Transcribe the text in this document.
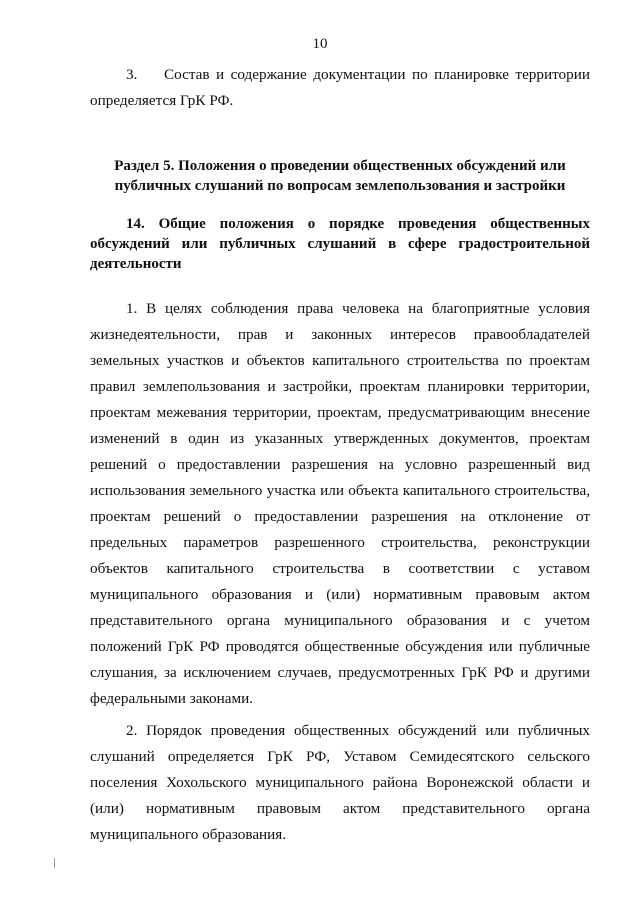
10

3. Состав и содержание документации по планировке территории определяется ГрК РФ.

Раздел 5. Положения о проведении общественных обсуждений или публичных слушаний по вопросам землепользования и застройки
14. Общие положения о порядке проведения общественных обсуждений или публичных слушаний в сфере градостроительной деятельности

1. В целях соблюдения права человека на благоприятные условия жизнедеятельности, прав и законных интересов правообладателей земельных участков и объектов капитального строительства по проектам правил землепользования и застройки, проектам планировки территории, проектам межевания территории, проектам, предусматривающим внесение изменений в один из указанных утвержденных документов, проектам решений о предоставлении разрешения на условно разрешенный вид использования земельного участка или объекта капитального строительства, проектам решений о предоставлении разрешения на отклонение от предельных параметров разрешенного строительства, реконструкции объектов капитального строительства в соответствии с уставом муниципального образования и (или) нормативным правовым актом представительного органа муниципального образования и с учетом положений ГрК РФ проводятся общественные обсуждения или публичные слушания, за исключением случаев, предусмотренных ГрК РФ и другими федеральными законами.

2. Порядок проведения общественных обсуждений или публичных слушаний определяется ГрК РФ, Уставом Семидесятского сельского поселения Хохольского муниципального района Воронежской области и (или) нормативным правовым актом представительного органа муниципального образования.
